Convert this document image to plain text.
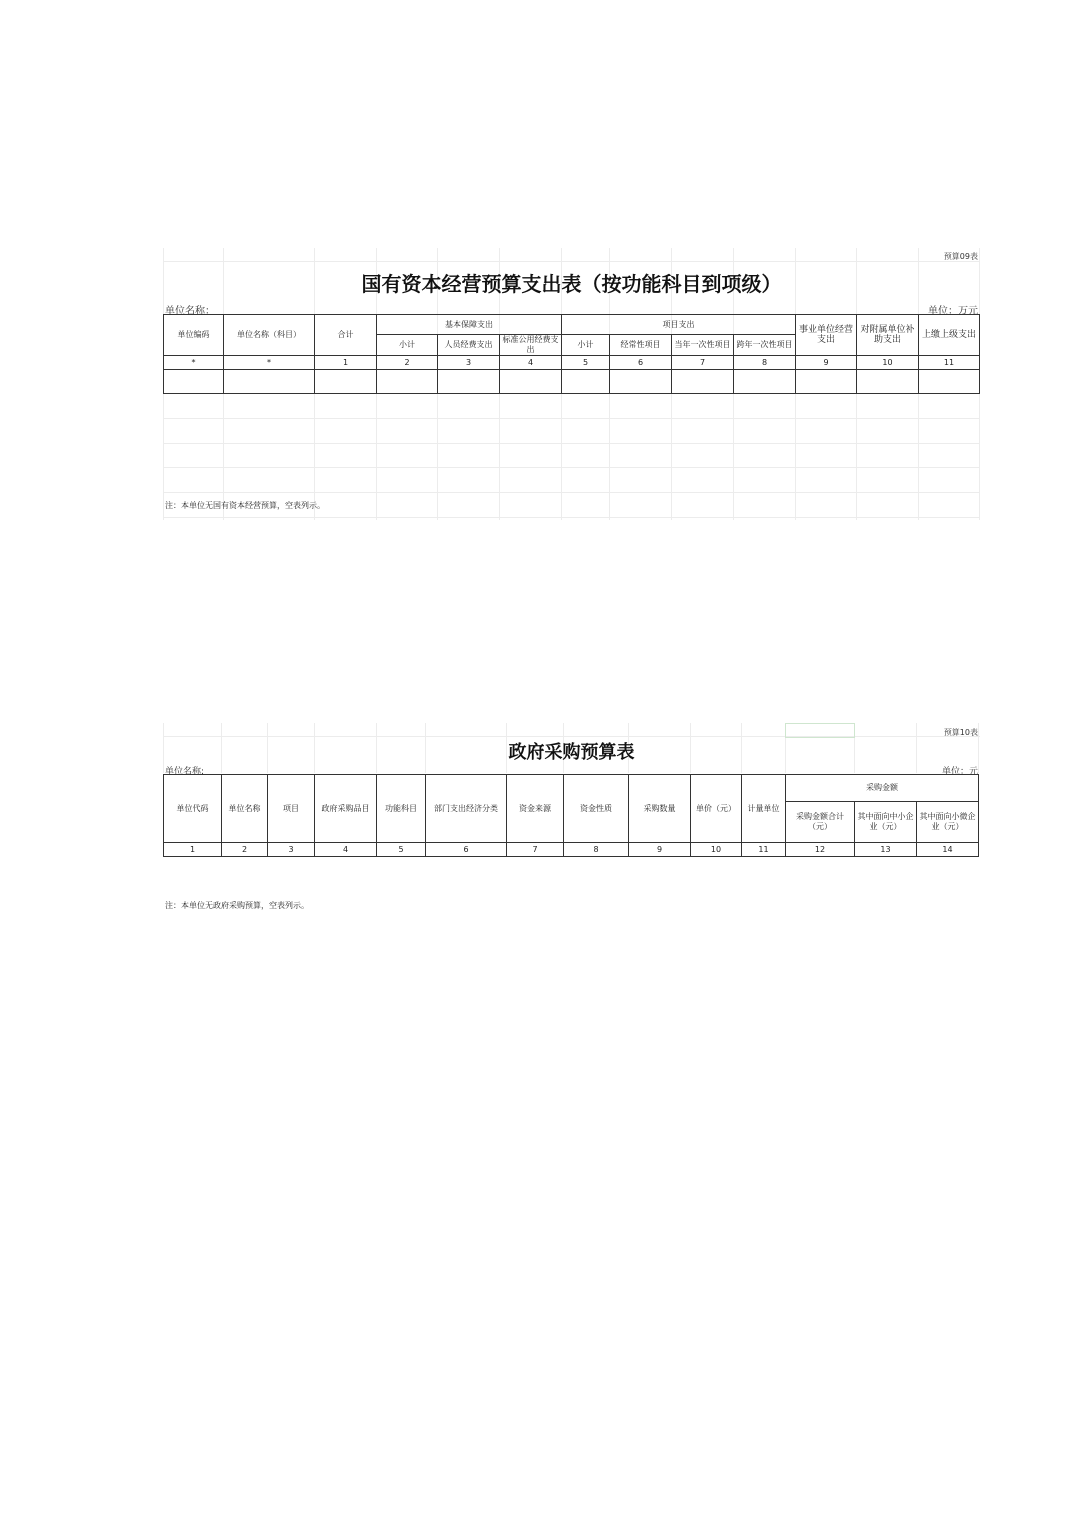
预算09表
国有资本经营预算支出表（按功能科目到项级）
单位名称：	单位：万元
单位编码	单位名称（科目）	合计	基本保障支出			项目支出				事业单位经营支出	对附属单位补助支出	上缴上级支出
			小计	人员经费支出	标准公用经费支出	小计	经常性项目	当年一次性项目	跨年一次性项目			
*	*	1	2	3	4	5	6	7	8	9	10	11

注：本单位无国有资本经营预算，空表列示。
预算10表
政府采购预算表
单位名称:	单位：元
单位代码	单位名称	项目	政府采购品目	功能科目	部门支出经济分类	资金来源	资金性质	采购数量	单价（元）	计量单位	采购金额		
											采购金额合计（元）	其中面向中小企业（元）	其中面向小微企业（元）
1	2	3	4	5	6	7	8	9	10	11	12	13	14
注：本单位无政府采购预算，空表列示。
